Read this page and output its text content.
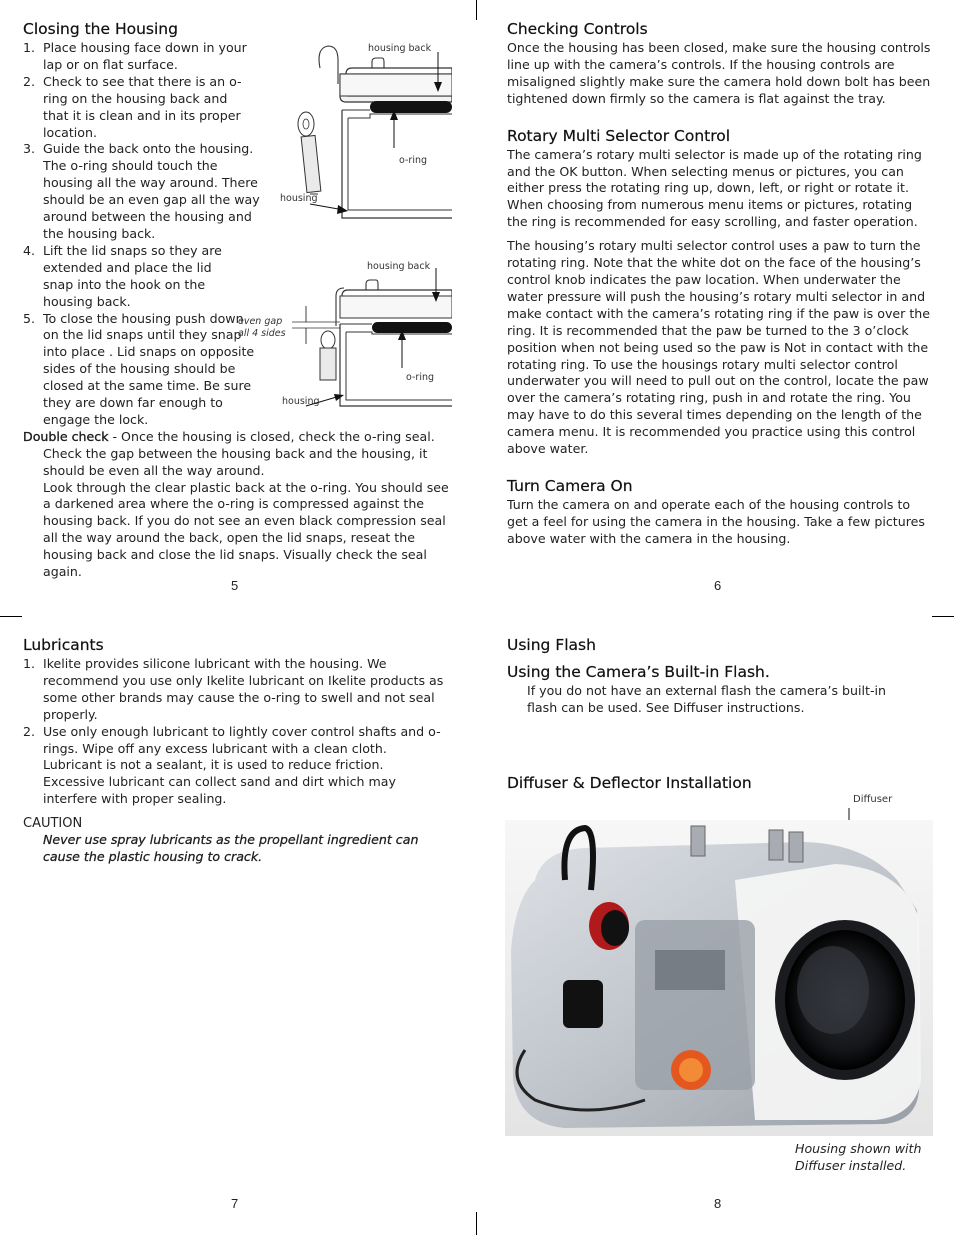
Closing the Housing
1. Place housing face down in your lap or on flat surface.
2. Check to see that there is an o-ring on the housing back and that it is clean and in its proper location.
3. Guide the back onto the housing. The o-ring should touch the housing all the way around. There should be an even gap all the way around between the housing and the housing back.
4. Lift the lid snaps so they are extended and place the lid snap into the hook on the housing back.
5. To close the housing push down on the lid snaps until they snap into place . Lid snaps on opposite sides of the housing should be closed at the same time. Be sure they are down far enough to engage the lock.

Double check - Once the housing is closed, check the o-ring seal.

Check the gap between the housing back and the housing, it should be even all the way around.

Look through the clear plastic back at the o-ring. You should see a darkened area where the o-ring is compressed against the housing back. If you do not see an even black compression seal all the way around the back, open the lid snaps, reseat the housing back and close the lid snaps. Visually check the seal again.

housing back
o-ring
housing
housing back
even gap
all 4 sides
o-ring
housing
5
Checking Controls

Once the housing has been closed, make sure the housing controls line up with the camera’s controls. If the housing controls are misaligned slightly make sure the camera hold down bolt has been tightened down firmly so the camera is flat against the tray.

Rotary Multi Selector Control

The camera’s rotary multi selector is made up of the rotating ring and the OK button. When selecting menus or pictures, you can either press the rotating ring up, down, left, or right or rotate it. When choosing from numerous menu items or pictures, rotating the ring is recommended for easy scrolling, and faster operation.

The housing’s rotary multi selector control uses a paw to turn the rotating ring. Note that the white dot on the face of the housing’s control knob indicates the paw location. When underwater the water pressure will push the housing’s rotary multi selector in and make contact with the camera’s rotating ring if the paw is over the ring. It is recommended that the paw be turned to the 3 o’clock position when not being used so the paw is Not in contact with the rotating ring. To use the housings rotary multi selector control underwater you will need to pull out on the control, locate the paw over the camera’s rotating ring, push in and rotate the ring. You may have to do this several times depending on the length of the camera menu. It is recommended you practice using this control above water.

Turn Camera On

Turn the camera on and operate each of the housing controls to get a feel for using the camera in the housing. Take a few pictures above water with the camera in the housing.

6
Lubricants
1. Ikelite provides silicone lubricant with the housing. We recommend you use only Ikelite lubricant on Ikelite products as some other brands may cause the o-ring to swell and not seal properly.
2. Use only enough lubricant to lightly cover control shafts and o-rings. Wipe off any excess lubricant with a clean cloth. Lubricant is not a sealant, it is used to reduce friction. Excessive lubricant can collect sand and dirt which may interfere with proper sealing.
CAUTION
Never use spray lubricants as the propellant ingredient can cause the plastic housing to crack.
7
Using Flash
Using the Camera’s Built-in Flash.

If you do not have an external flash the camera’s built-in flash can be used. See Diffuser instructions.

Diffuser & Deflector Installation
Diffuser
Housing shown with Diffuser installed.
8
